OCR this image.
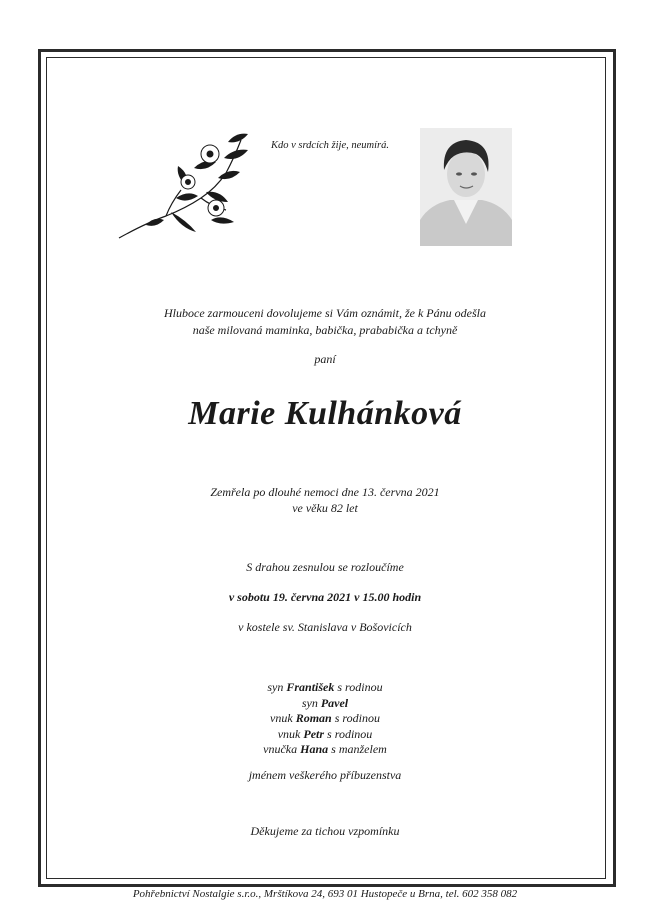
Kdo v srdcích žije, neumírá.
Hluboce zarmouceni dovolujeme si Vám oznámit, že k Pánu odešla
naše milovaná maminka, babička, prababička a tchyně
paní
Marie Kulhánková
Zemřela po dlouhé nemoci dne 13. června 2021
ve věku 82 let
S drahou zesnulou se rozloučíme
v sobotu 19. června 2021 v 15.00 hodin
v kostele sv. Stanislava v Bošovicích
syn František s rodinou
syn Pavel
vnuk Roman s rodinou
vnuk Petr s rodinou
vnučka Hana s manželem
jménem veškerého příbuzenstva
Děkujeme za tichou vzpomínku
Pohřebnictví Nostalgie s.r.o., Mrštíkova 24, 693 01 Hustopeče u Brna, tel. 602 358 082
